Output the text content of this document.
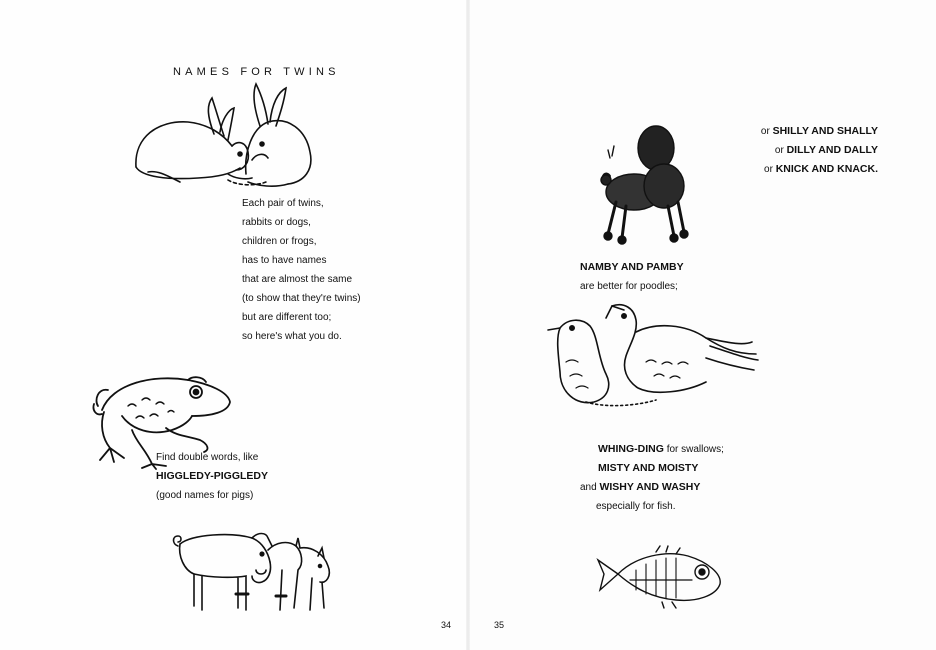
NAMES FOR TWINS
Each pair of twins,
rabbits or dogs,
children or frogs,
has to have names
that are almost the same
(to show that they're twins)
but are different too;
so here's what you do.
Find double words, like
HIGGLEDY-PIGGLEDY
(good names for pigs)
34
or SHILLY AND SHALLY
or DILLY AND DALLY
or KNICK AND KNACK.
NAMBY AND PAMBY
are better for poodles;
WHING-DING for swallows;
MISTY AND MOISTY
and WISHY AND WASHY
especially for fish.
35
